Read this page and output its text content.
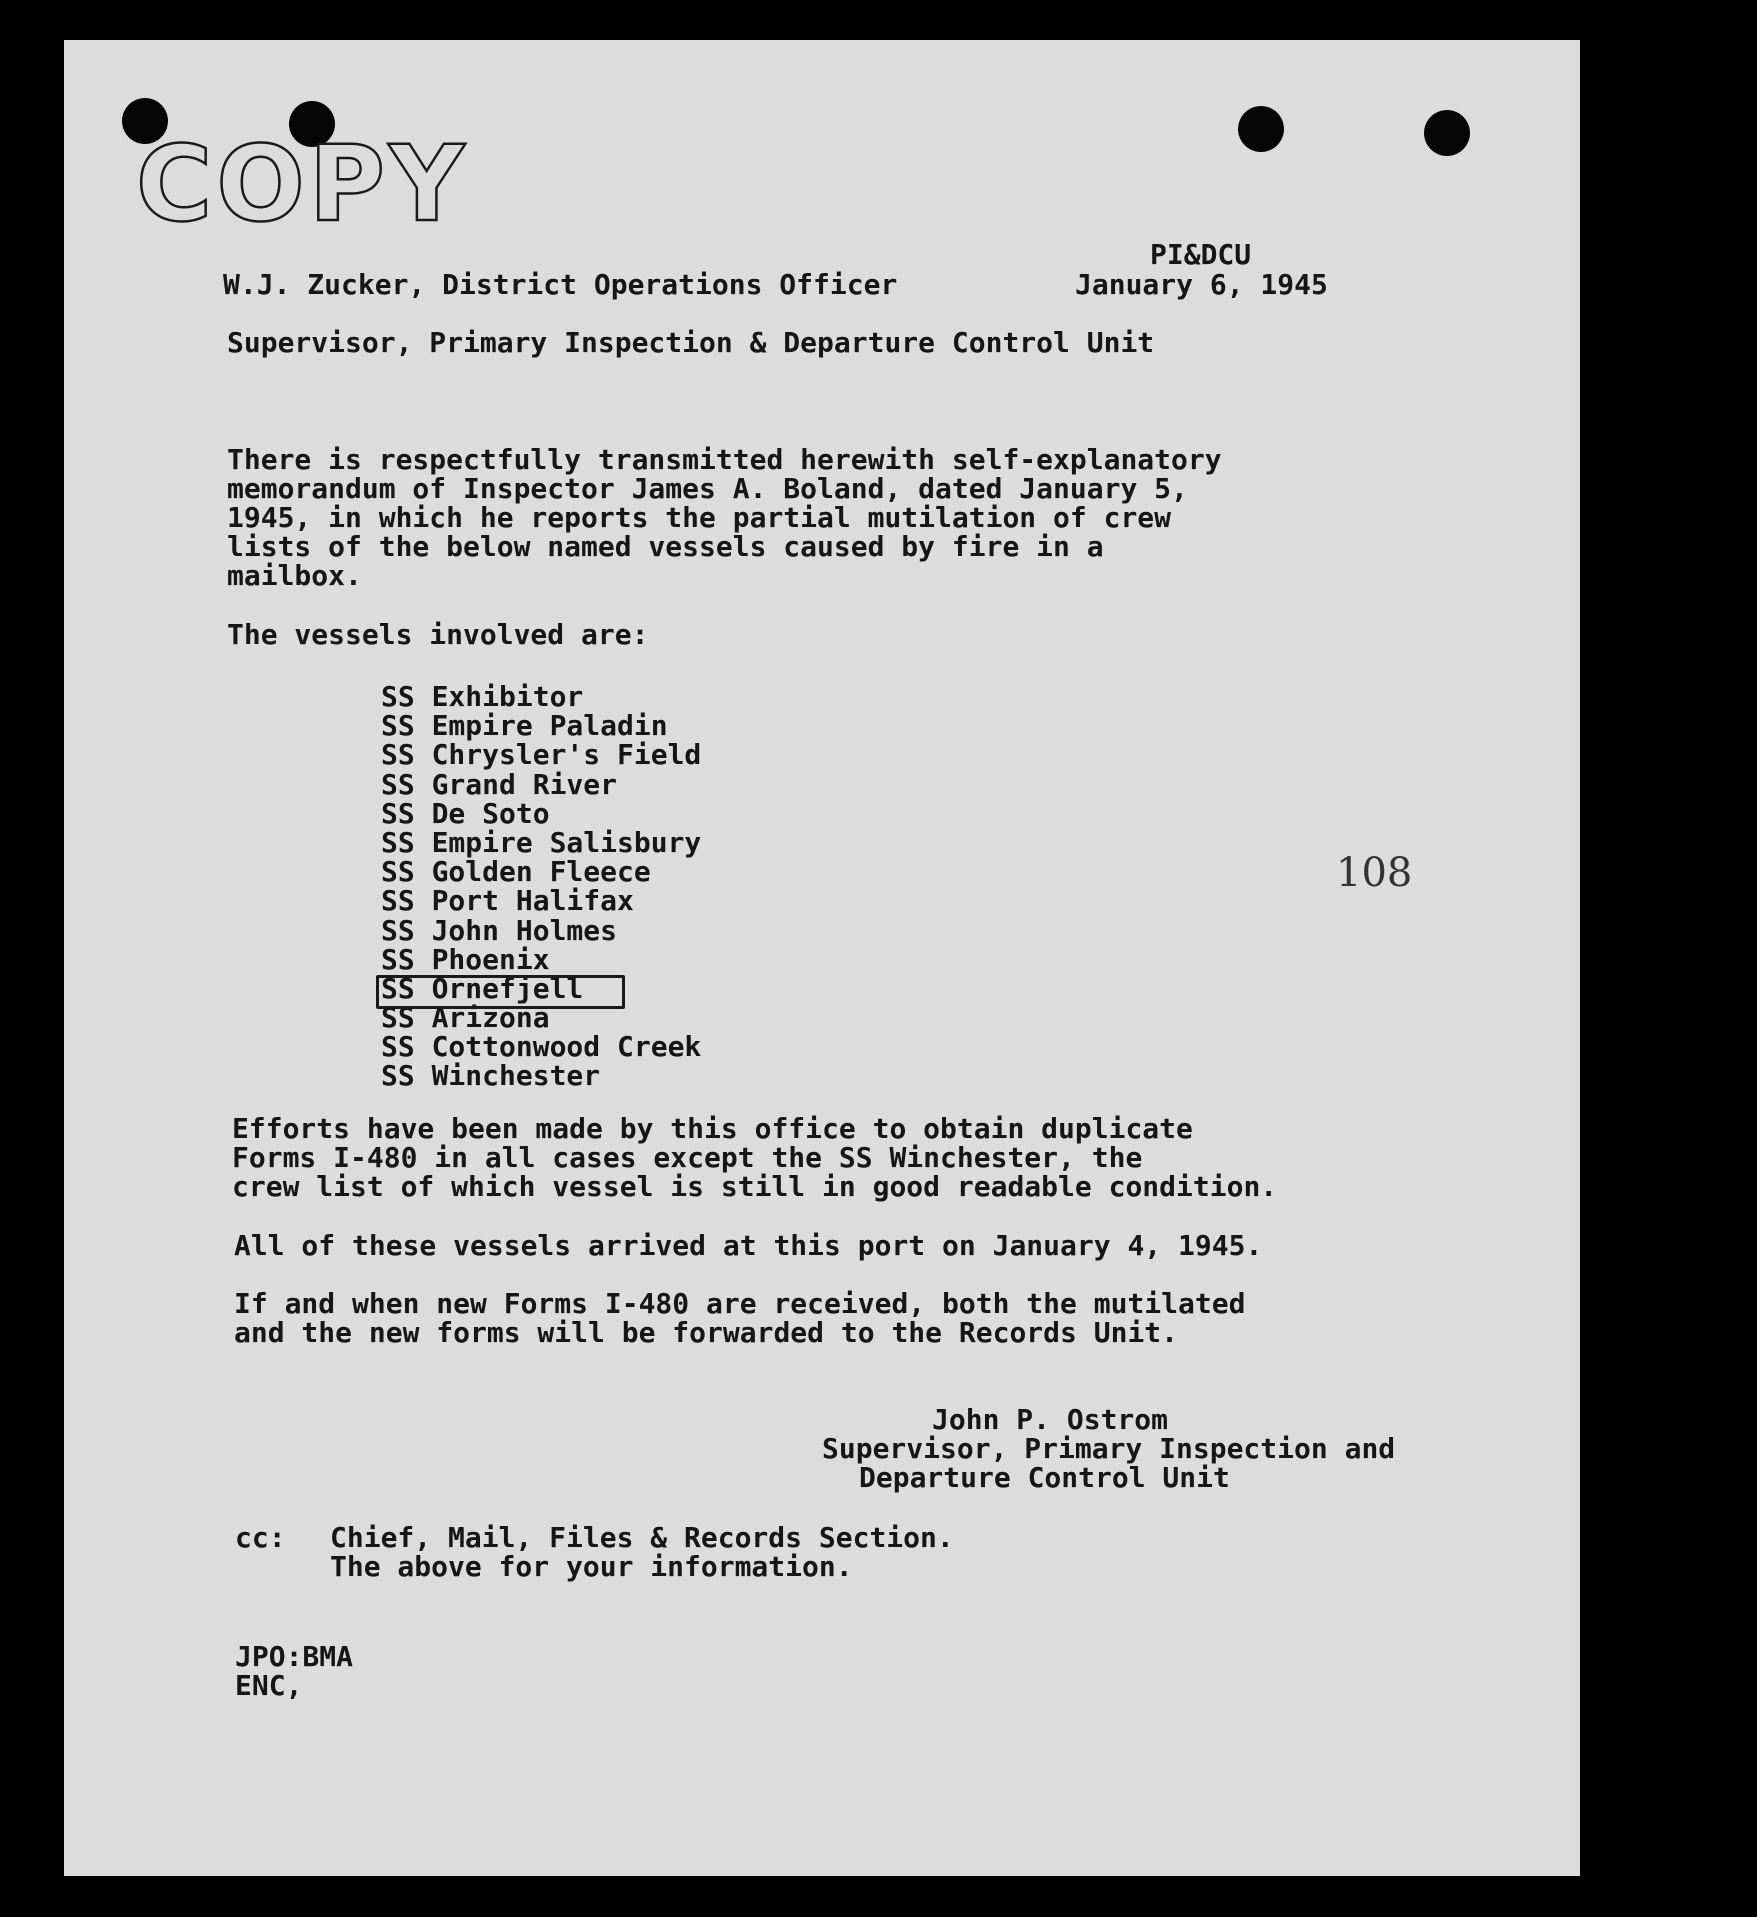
COPY
PI&DCU
W.J. Zucker, District Operations Officer	January 6, 1945
Supervisor, Primary Inspection & Departure Control Unit
There is respectfully transmitted herewith self-explanatory
memorandum of Inspector James A. Boland, dated January 5,
1945, in which he reports the partial mutilation of crew
lists of the below named vessels caused by fire in a
mailbox.
The vessels involved are:
SS Exhibitor
SS Empire Paladin
SS Chrysler's Field
SS Grand River
SS De Soto
SS Empire Salisbury
SS Golden Fleece
SS Port Halifax
SS John Holmes
SS Phoenix
SS Ornefjell
SS Arizona
SS Cottonwood Creek
SS Winchester
108
Efforts have been made by this office to obtain duplicate
Forms I-480 in all cases except the SS Winchester, the
crew list of which vessel is still in good readable condition.
All of these vessels arrived at this port on January 4, 1945.
If and when new Forms I-480 are received, both the mutilated
and the new forms will be forwarded to the Records Unit.
John P. Ostrom
Supervisor, Primary Inspection and
Departure Control Unit
cc: Chief, Mail, Files & Records Section.
The above for your information.
JPO:BMA
ENC,
